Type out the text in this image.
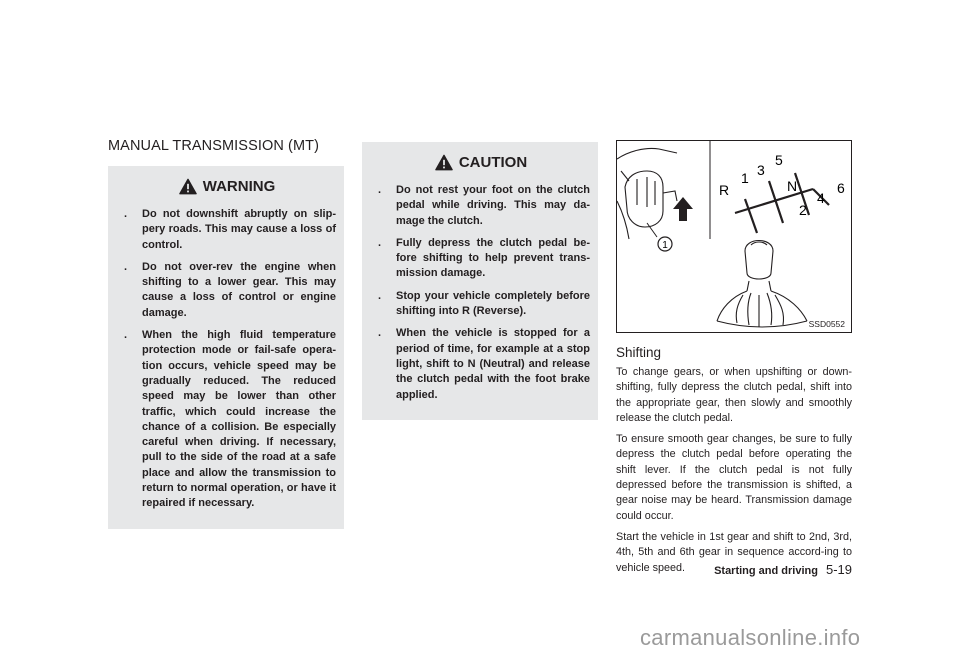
MANUAL TRANSMISSION (MT)
WARNING
. Do not downshift abruptly on slip-pery roads. This may cause a loss of control.
. Do not over-rev the engine when shifting to a lower gear. This may cause a loss of control or engine damage.
. When the high fluid temperature protection mode or fail-safe opera-tion occurs, vehicle speed may be gradually reduced. The reduced speed may be lower than other traffic, which could increase the chance of a collision. Be especially careful when driving. If necessary, pull to the side of the road at a safe place and allow the transmission to return to normal operation, or have it repaired if necessary.
CAUTION
. Do not rest your foot on the clutch pedal while driving. This may da-mage the clutch.
. Fully depress the clutch pedal be-fore shifting to help prevent trans-mission damage.
. Stop your vehicle completely before shifting into R (Reverse).
. When the vehicle is stopped for a period of time, for example at a stop light, shift to N (Neutral) and release the clutch pedal with the foot brake applied.
1
R
1 3
5
N
2
4
6
SSD0552
Shifting

To change gears, or when upshifting or down-shifting, fully depress the clutch pedal, shift into the appropriate gear, then slowly and smoothly release the clutch pedal.

To ensure smooth gear changes, be sure to fully depress the clutch pedal before operating the shift lever. If the clutch pedal is not fully depressed before the transmission is shifted, a gear noise may be heard. Transmission damage could occur.

Start the vehicle in 1st gear and shift to 2nd, 3rd, 4th, 5th and 6th gear in sequence accord-ing to vehicle speed.	Starting and driving 5-19
carmanualsonline.info
